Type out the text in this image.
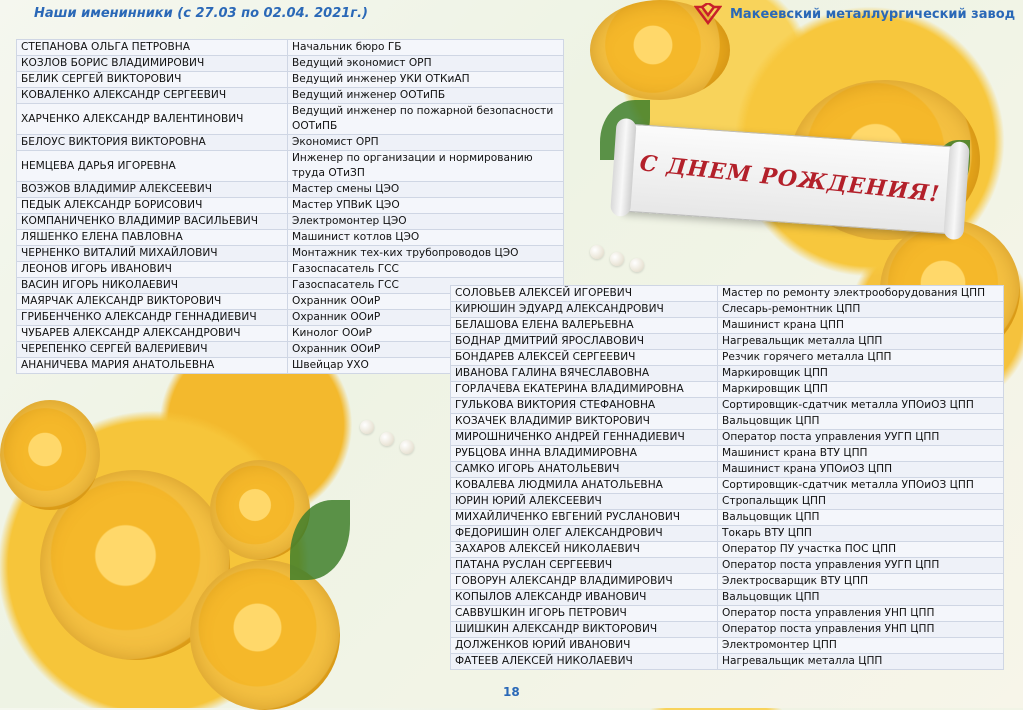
Наши именинники (с 27.03 по 02.04. 2021г.)	Макеевский металлургический завод
С ДНЕМ РОЖДЕНИЯ!
СТЕПАНОВА ОЛЬГА ПЕТРОВНА	Начальник бюро ГБ
КОЗЛОВ БОРИС ВЛАДИМИРОВИЧ	Ведущий экономист ОРП
БЕЛИК СЕРГЕЙ ВИКТОРОВИЧ	Ведущий инженер УКИ ОТКиАП
КОВАЛЕНКО АЛЕКСАНДР СЕРГЕЕВИЧ	Ведущий инженер ООТиПБ
ХАРЧЕНКО АЛЕКСАНДР ВАЛЕНТИНОВИЧ	Ведущий инженер по пожарной безопасности ООТиПБ
БЕЛОУС ВИКТОРИЯ ВИКТОРОВНА	Экономист ОРП
НЕМЦЕВА ДАРЬЯ ИГОРЕВНА	Инженер по организации и нормированию труда ОТиЗП
ВОЗЖОВ ВЛАДИМИР АЛЕКСЕЕВИЧ	Мастер смены ЦЭО
ПЕДЫК АЛЕКСАНДР БОРИСОВИЧ	Мастер УПВиК ЦЭО
КОМПАНИЧЕНКО ВЛАДИМИР ВАСИЛЬЕВИЧ	Электромонтер ЦЭО
ЛЯШЕНКО ЕЛЕНА ПАВЛОВНА	Машинист котлов ЦЭО
ЧЕРНЕНКО ВИТАЛИЙ МИХАЙЛОВИЧ	Монтажник тех-ких трубопроводов ЦЭО
ЛЕОНОВ ИГОРЬ ИВАНОВИЧ	Газоспасатель ГСС
ВАСИН ИГОРЬ НИКОЛАЕВИЧ	Газоспасатель ГСС
МАЯРЧАК АЛЕКСАНДР ВИКТОРОВИЧ	Охранник ООиР
ГРИБЕНЧЕНКО АЛЕКСАНДР ГЕННАДИЕВИЧ	Охранник ООиР
ЧУБАРЕВ АЛЕКСАНДР АЛЕКСАНДРОВИЧ	Кинолог ООиР
ЧЕРЕПЕНКО СЕРГЕЙ ВАЛЕРИЕВИЧ	Охранник ООиР
АНАНИЧЕВА МАРИЯ АНАТОЛЬЕВНА	Швейцар УХО
СОЛОВЬЕВ АЛЕКСЕЙ ИГОРЕВИЧ	Мастер по ремонту электрооборудования ЦПП
КИРЮШИН ЭДУАРД АЛЕКСАНДРОВИЧ	Слесарь-ремонтник ЦПП
БЕЛАШОВА ЕЛЕНА ВАЛЕРЬЕВНА	Машинист крана ЦПП
БОДНАР ДМИТРИЙ ЯРОСЛАВОВИЧ	Нагревальщик металла ЦПП
БОНДАРЕВ АЛЕКСЕЙ СЕРГЕЕВИЧ	Резчик горячего металла ЦПП
ИВАНОВА ГАЛИНА ВЯЧЕСЛАВОВНА	Маркировщик ЦПП
ГОРЛАЧЕВА ЕКАТЕРИНА ВЛАДИМИРОВНА	Маркировщик ЦПП
ГУЛЬКОВА ВИКТОРИЯ СТЕФАНОВНА	Сортировщик-сдатчик металла УПОиОЗ ЦПП
КОЗАЧЕК ВЛАДИМИР ВИКТОРОВИЧ	Вальцовщик ЦПП
МИРОШНИЧЕНКО АНДРЕЙ ГЕННАДИЕВИЧ	Оператор поста управления УУГП ЦПП
РУБЦОВА ИННА ВЛАДИМИРОВНА	Машинист крана ВТУ ЦПП
САМКО ИГОРЬ АНАТОЛЬЕВИЧ	Машинист крана УПОиОЗ ЦПП
КОВАЛЕВА ЛЮДМИЛА АНАТОЛЬЕВНА	Сортировщик-сдатчик металла УПОиОЗ ЦПП
ЮРИН ЮРИЙ АЛЕКСЕЕВИЧ	Стропальщик ЦПП
МИХАЙЛИЧЕНКО ЕВГЕНИЙ РУСЛАНОВИЧ	Вальцовщик ЦПП
ФЕДОРИШИН ОЛЕГ АЛЕКСАНДРОВИЧ	Токарь ВТУ ЦПП
ЗАХАРОВ АЛЕКСЕЙ НИКОЛАЕВИЧ	Оператор ПУ участка ПОС ЦПП
ПАТАНА РУСЛАН СЕРГЕЕВИЧ	Оператор поста управления УУГП ЦПП
ГОВОРУН АЛЕКСАНДР ВЛАДИМИРОВИЧ	Электросварщик ВТУ ЦПП
КОПЫЛОВ АЛЕКСАНДР ИВАНОВИЧ	Вальцовщик ЦПП
САВВУШКИН ИГОРЬ ПЕТРОВИЧ	Оператор поста управления УНП ЦПП
ШИШКИН АЛЕКСАНДР ВИКТОРОВИЧ	Оператор поста управления УНП ЦПП
ДОЛЖЕНКОВ ЮРИЙ ИВАНОВИЧ	Электромонтер ЦПП
ФАТЕЕВ АЛЕКСЕЙ НИКОЛАЕВИЧ	Нагревальщик металла ЦПП
18
